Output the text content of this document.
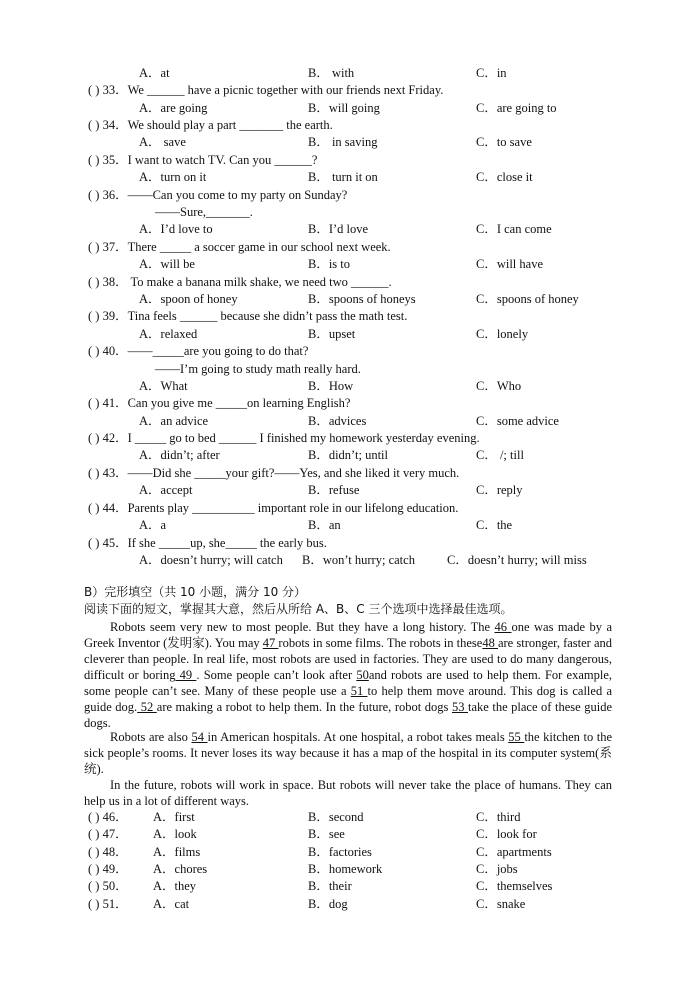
A．at	B． with	C．in
( ) 33．We ______ have a picnic together with our friends next Friday.
A．are going	B．will going	C．are going to
( ) 34．We should play a part _______ the earth.
A． save	B． in saving	C．to save
( ) 35．I want to watch TV. Can you ______?
A．turn on it	B． turn it on	C．close it
( ) 36．——Can you come to my party on Sunday?
——Sure,_______.
A．I’d love to	B．I’d love	C．I can come
( ) 37．There _____ a soccer game in our school next week.
A．will be	B．is to	C．will have
( ) 38． To make a banana milk shake, we need two ______.
A．spoon of honey	B．spoons of honeys	C．spoons of honey
( ) 39．Tina feels ______ because she didn’t pass the math test.
A．relaxed	B．upset	C．lonely
( ) 40．——_____are you going to do that?
——I’m going to study math really hard.
A．What	B．How	C．Who
( ) 41．Can you give me _____on learning English?
A．an advice	B．advices	C．some advice
( ) 42．I _____ go to bed ______ I finished my homework yesterday evening.
A．didn’t; after	B．didn’t; until	C． /; till
( ) 43．——Did she _____your gift?——Yes, and she liked it very much.
A．accept	B．refuse	C．reply
( ) 44．Parents play __________ important role in our lifelong education.
A．a	B．an	C．the
( ) 45．If she _____up, she_____ the early bus.
A．doesn’t hurry; will catch B．won’t hurry; catch	C．doesn’t hurry; will miss
B）完形填空（共 10 小题，满分 10 分）
阅读下面的短文，掌握其大意，然后从所给 A、B、C 三个选项中选择最佳选项。
Robots seem very new to most people. But they have a long history. The 46 one was made by a Greek Inventor (发明家). You may 47 robots in some films. The robots in these48 are stronger, faster and cleverer than people. In real life, most robots are used in factories. They are used to do many dangerous, difficult or boring 49 . Some people can’t look after 50and robots are used to help them. For example, some people can’t see. Many of these people use a 51 to help them move around. This dog is called a guide dog. 52 are making a robot to help them. In the future, robot dogs 53 take the place of these guide dogs.
Robots are also 54 in American hospitals. At one hospital, a robot takes meals 55 the kitchen to the sick people’s rooms. It never loses its way because it has a map of the hospital in its computer system(系统).
In the future, robots will work in space. But robots will never take the place of humans. They can help us in a lot of different ways.
( ) 46． A．first	B．second	C．third
( ) 47． A．look	B．see	C．look for
( ) 48． A．films	B．factories	C．apartments
( ) 49． A．chores	B．homework	C．jobs
( ) 50． A．they	B．their	C．themselves
( ) 51． A．cat	B．dog	C．snake
